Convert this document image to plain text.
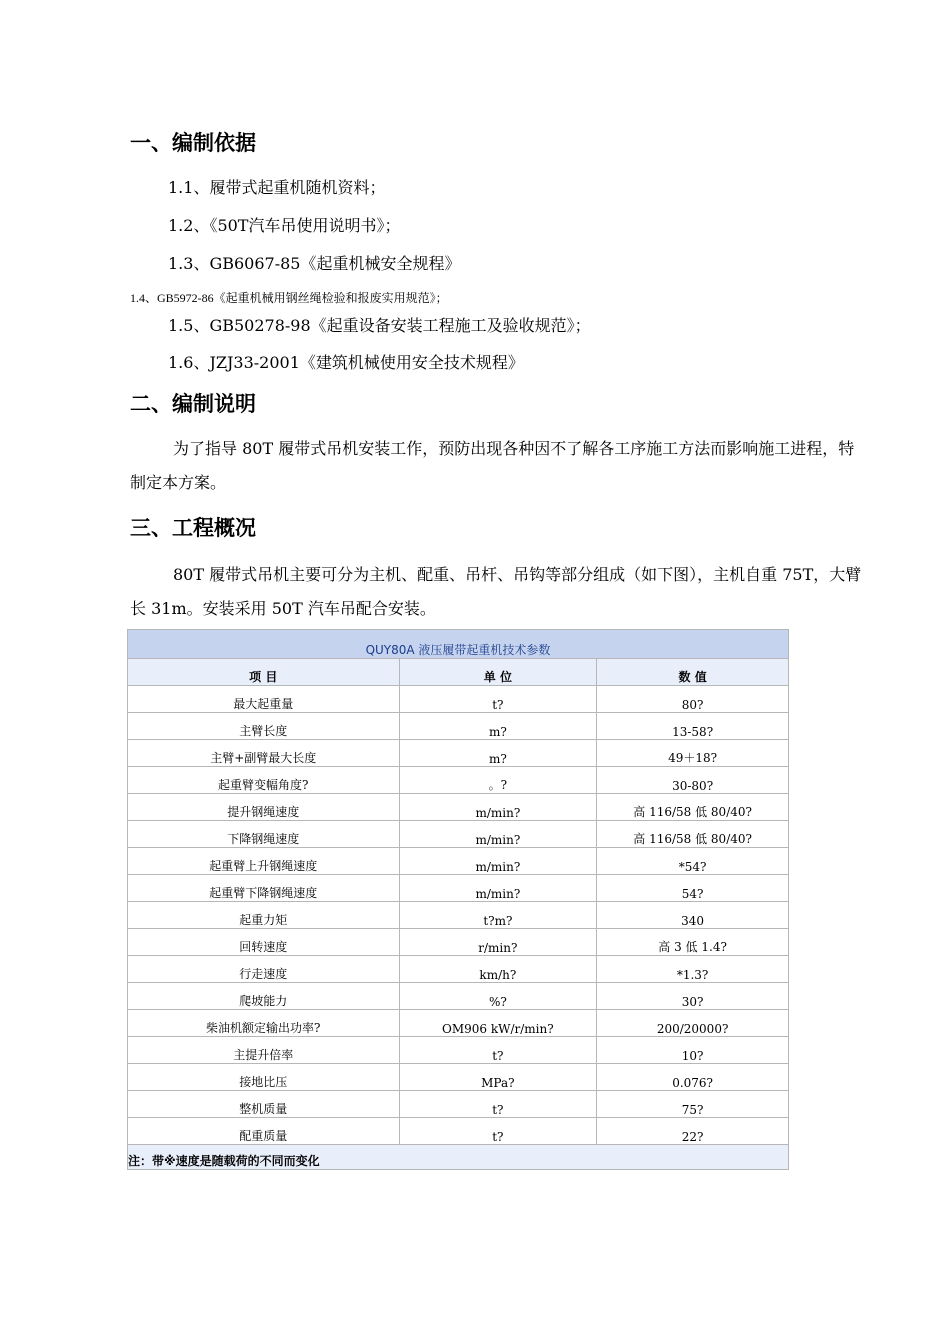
一、编制依据
1.1、履带式起重机随机资料；
1.2、《50T汽车吊使用说明书》；
1.3、GB6067-85《起重机械安全规程》
1.4、GB5972-86《起重机械用钢丝绳检验和报废实用规范》；
1.5、GB50278-98《起重设备安装工程施工及验收规范》；
1.6、JZJ33-2001《建筑机械使用安全技术规程》
二、编制说明

为了指导 80T 履带式吊机安装工作，预防出现各种因不了解各工序施工方法而影响施工进程，特制定本方案。

三、工程概况

80T 履带式吊机主要可分为主机、配重、吊杆、吊钩等部分组成（如下图），主机自重 75T，大臂长 31m。安装采用 50T 汽车吊配合安装。

QUY80A 液压履带起重机技术参数		
项 目	单 位	数 值
最大起重量	t?	80?
主臂长度	m?	13-58?
主臂+副臂最大长度	m?	49＋18?
起重臂变幅角度?	。?	30-80?
提升钢绳速度	m/min?	高 116/58 低 80/40?
下降钢绳速度	m/min?	高 116/58 低 80/40?
起重臂上升钢绳速度	m/min?	*54?
起重臂下降钢绳速度	m/min?	54?
起重力矩	t?m?	340
回转速度	r/min?	高 3 低 1.4?
行走速度	km/h?	*1.3?
爬坡能力	%?	30?
柴油机额定输出功率?	OM906 kW/r/min?	200/20000?
主提升倍率	t?	10?
接地比压	MPa?	0.076?
整机质量	t?	75?
配重质量	t?	22?
注：带※速度是随载荷的不同而变化		
